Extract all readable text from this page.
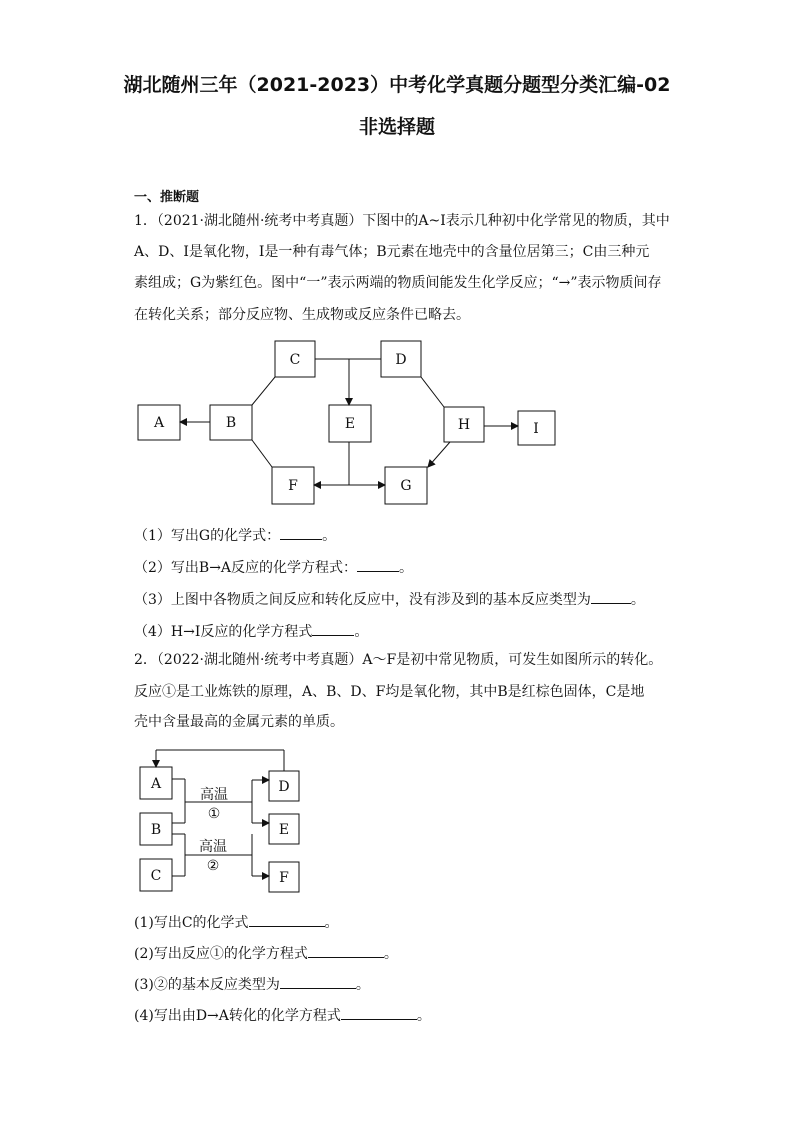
湖北随州三年（2021-2023）中考化学真题分题型分类汇编-02
非选择题
一、推断题
1．（2021·湖北随州·统考中考真题）下图中的A~I表示几种初中化学常见的物质，其中
A、D、I是氧化物，I是一种有毒气体；B元素在地壳中的含量位居第三；C由三种元
素组成；G为紫红色。图中“一”表示两端的物质间能发生化学反应；“→”表示物质间存
在转化关系；部分反应物、生成物或反应条件已略去。
C	D
A	B	E	H	I
F	G
A
B
C
D
E
F
高温
①
高温
②
（1）写出G的化学式：	。
（2）写出B→A反应的化学方程式：	。
（3）上图中各物质之间反应和转化反应中，没有涉及到的基本反应类型为	。
（4）H→I反应的化学方程式	。
2．（2022·湖北随州·统考中考真题）A～F是初中常见物质，可发生如图所示的转化。
反应①是工业炼铁的原理，A、B、D、F均是氧化物，其中B是红棕色固体，C是地
壳中含量最高的金属元素的单质。
(1)写出C的化学式	。
(2)写出反应①的化学方程式	。
(3)②的基本反应类型为	。
(4)写出由D→A转化的化学方程式	。
